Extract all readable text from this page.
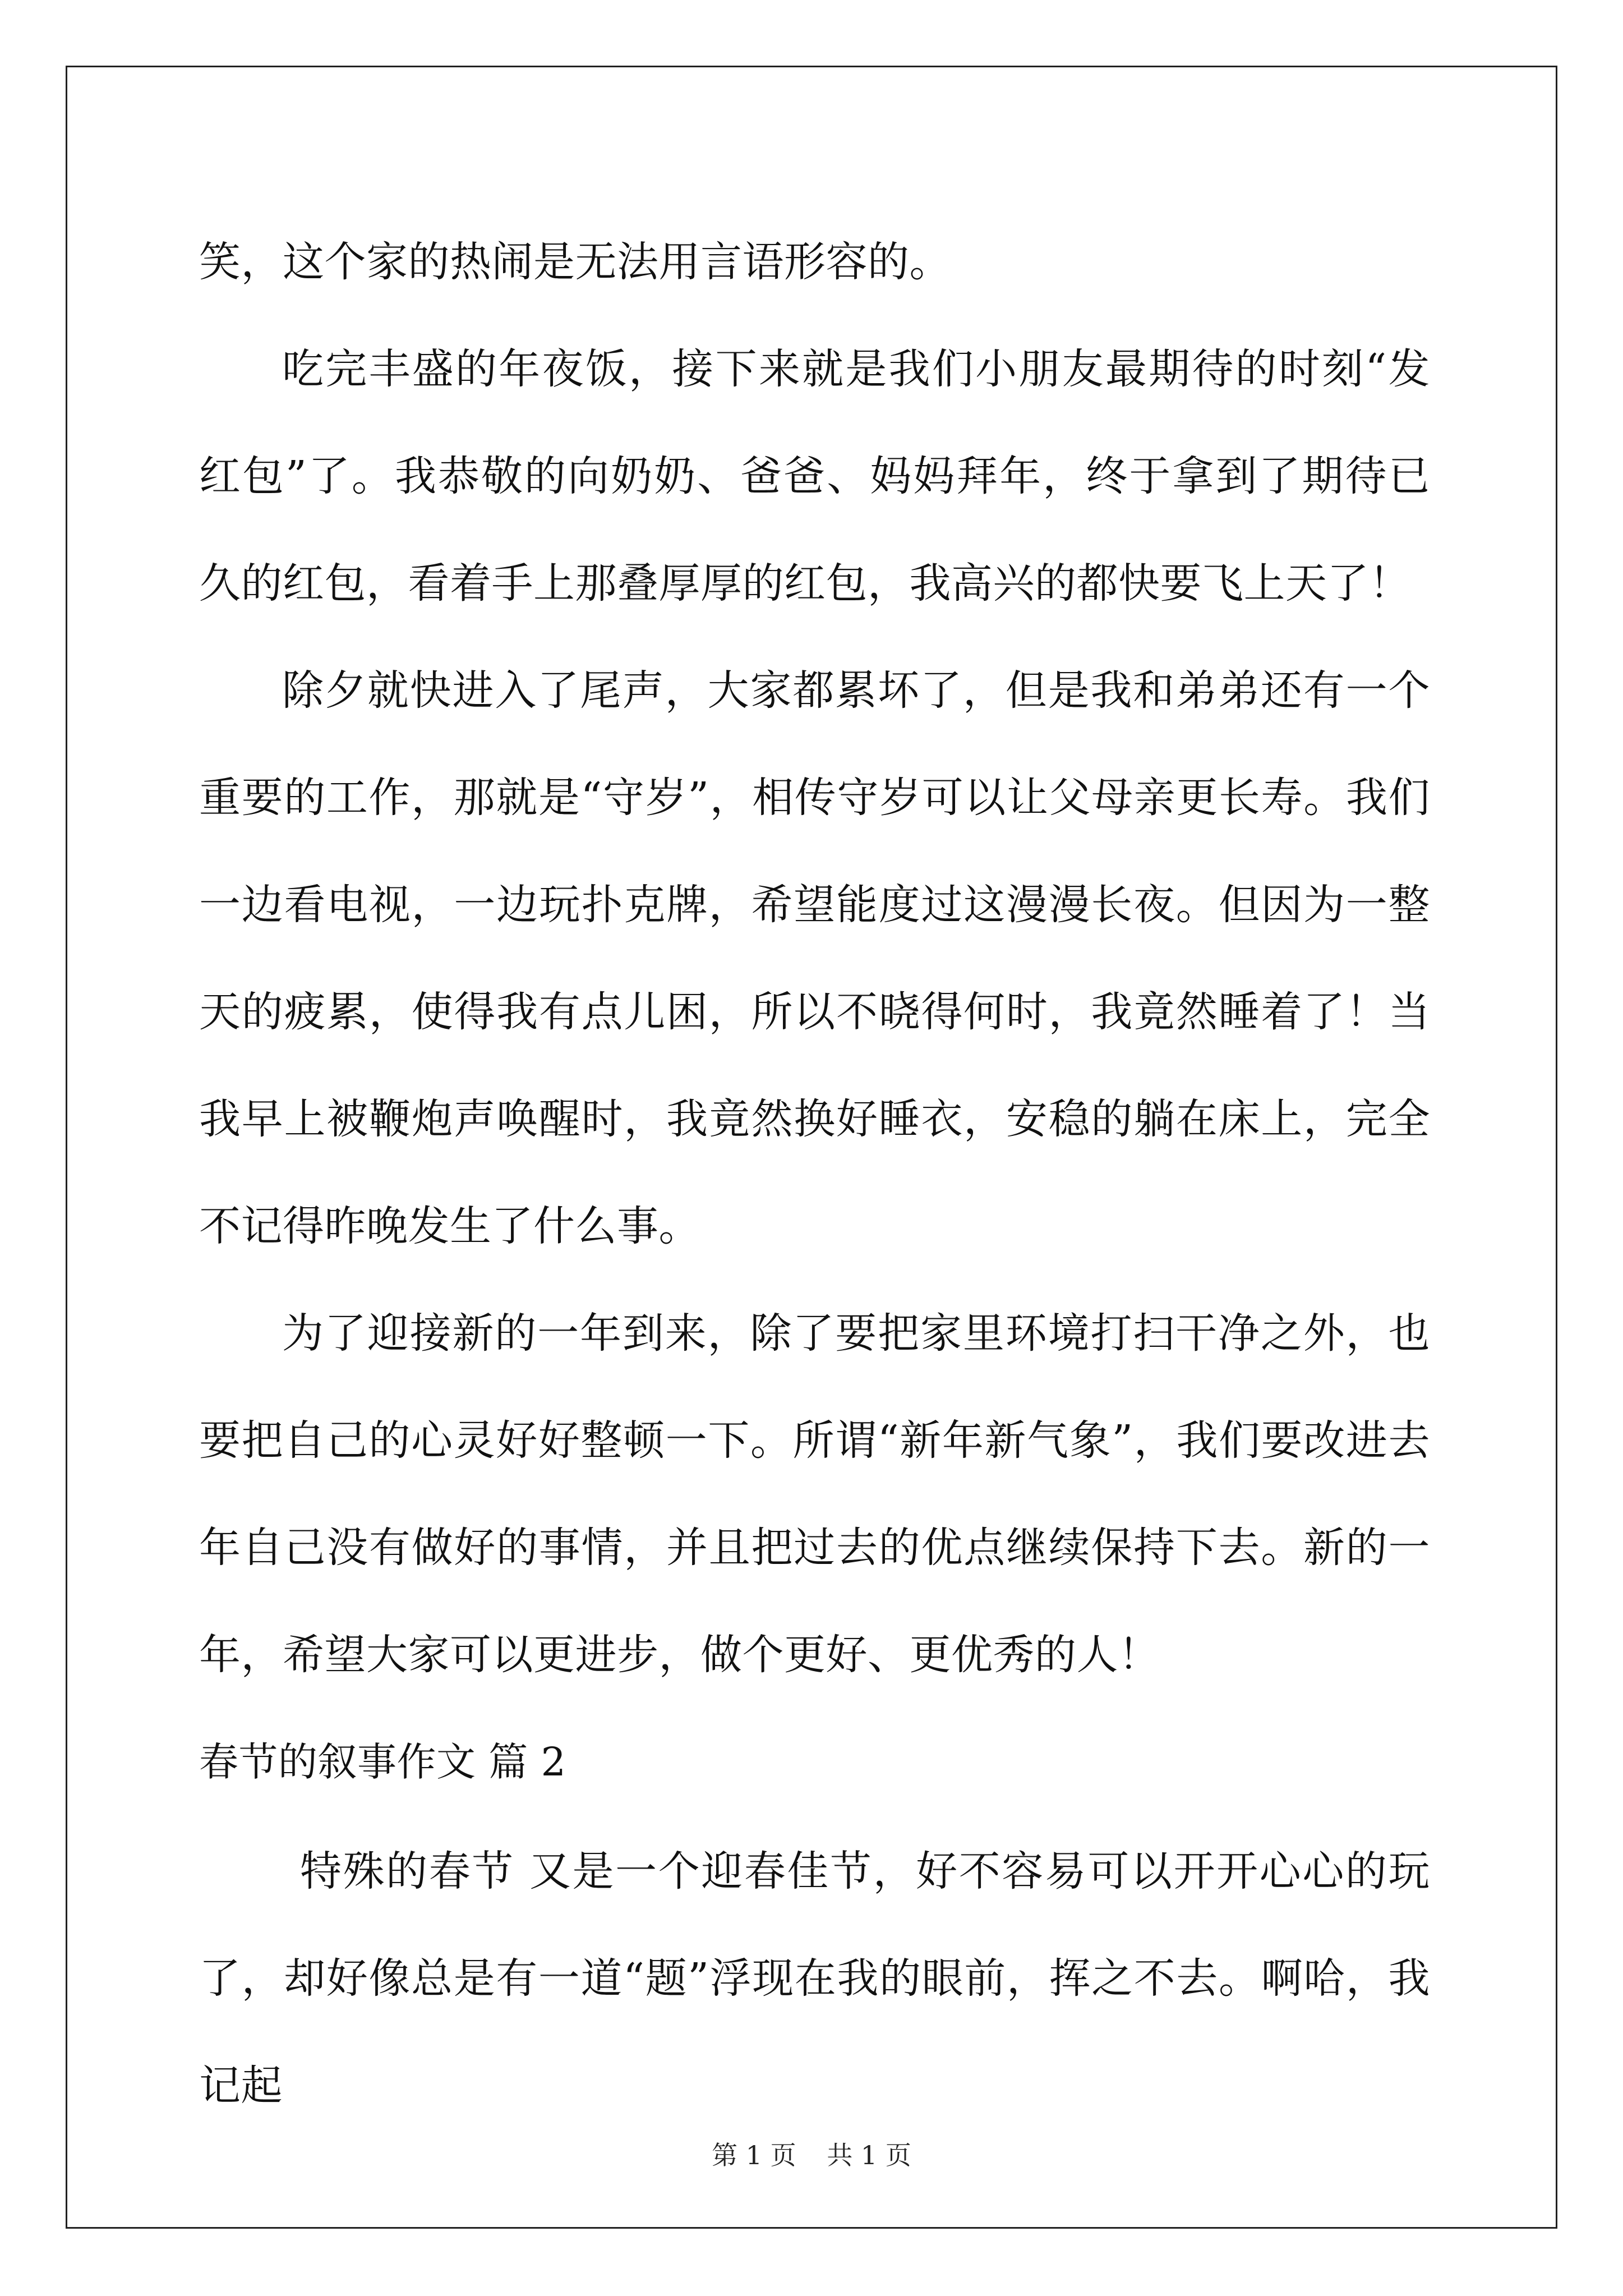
笑，这个家的热闹是无法用言语形容的。

吃完丰盛的年夜饭，接下来就是我们小朋友最期待的时刻“发红包”了。我恭敬的向奶奶、爸爸、妈妈拜年，终于拿到了期待已久的红包，看着手上那叠厚厚的红包，我高兴的都快要飞上天了！

除夕就快进入了尾声，大家都累坏了，但是我和弟弟还有一个重要的工作，那就是“守岁”，相传守岁可以让父母亲更长寿。我们一边看电视，一边玩扑克牌，希望能度过这漫漫长夜。但因为一整天的疲累，使得我有点儿困，所以不晓得何时，我竟然睡着了！当我早上被鞭炮声唤醒时，我竟然换好睡衣，安稳的躺在床上，完全不记得昨晚发生了什么事。

为了迎接新的一年到来，除了要把家里环境打扫干净之外，也要把自己的心灵好好整顿一下。所谓“新年新气象”，我们要改进去年自己没有做好的事情，并且把过去的优点继续保持下去。新的一年，希望大家可以更进步，做个更好、更优秀的人！

春节的叙事作文 篇 2

特殊的春节 又是一个迎春佳节，好不容易可以开开心心的玩了，却好像总是有一道“题”浮现在我的眼前，挥之不去。啊哈，我记起

第 1 页 共 1 页
